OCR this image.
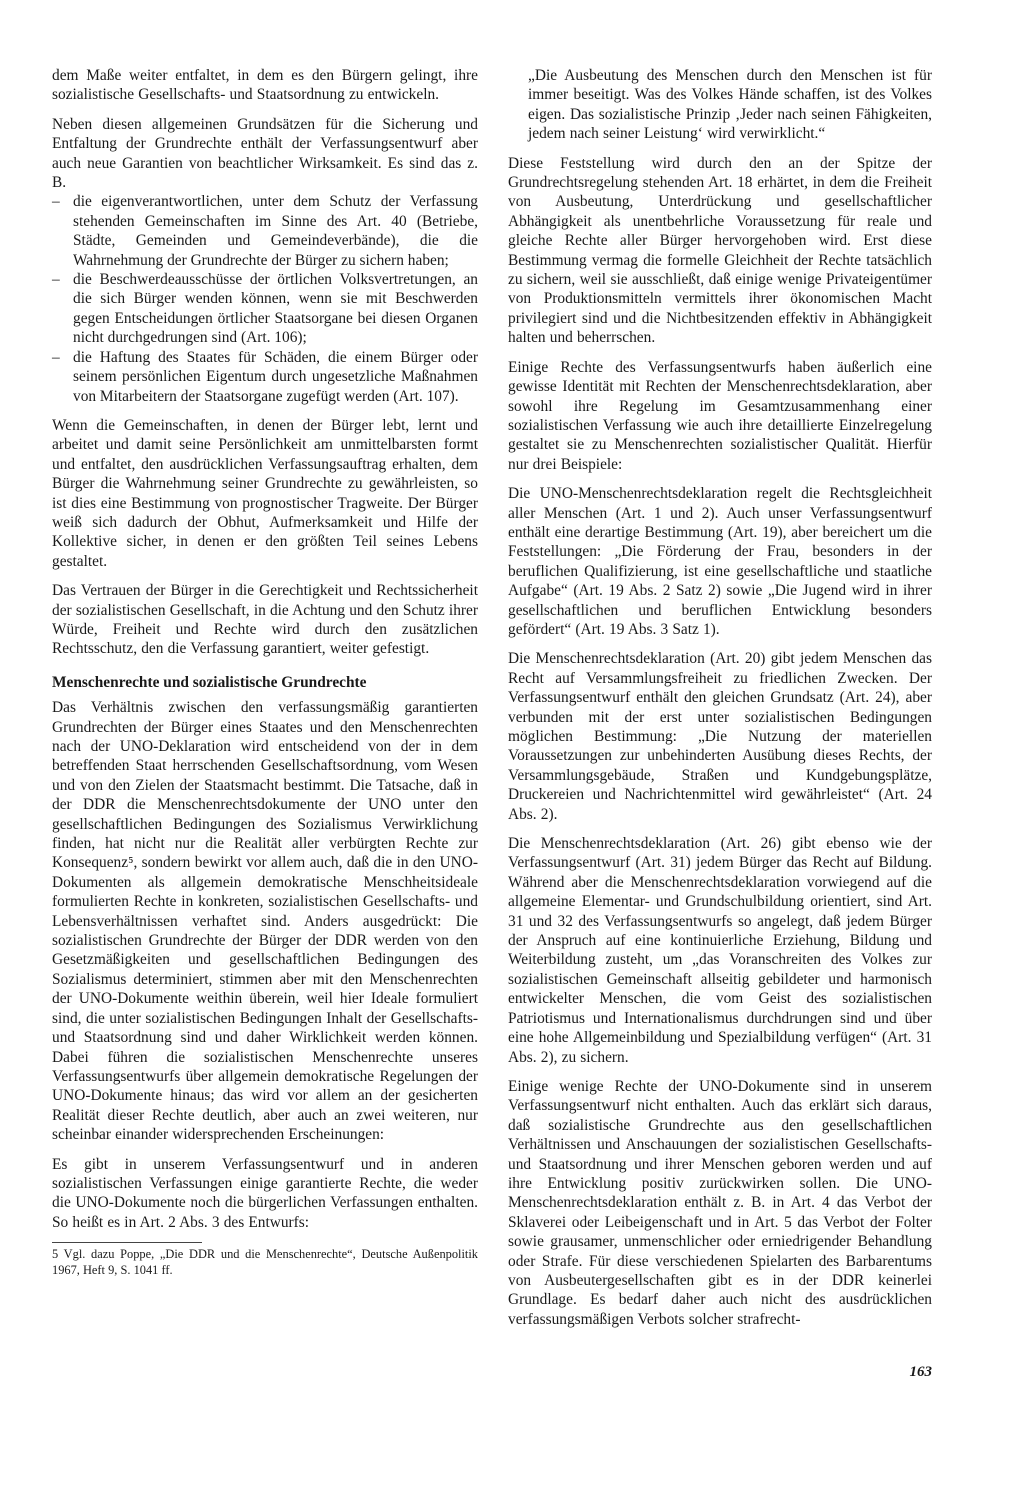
dem Maße weiter entfaltet, in dem es den Bürgern gelingt, ihre sozialistische Gesellschafts- und Staatsordnung zu entwickeln.

Neben diesen allgemeinen Grundsätzen für die Sicherung und Entfaltung der Grundrechte enthält der Verfassungsentwurf aber auch neue Garantien von beachtlicher Wirksamkeit. Es sind das z. B.

– die eigenverantwortlichen, unter dem Schutz der Verfassung stehenden Gemeinschaften im Sinne des Art. 40 (Betriebe, Städte, Gemeinden und Gemeindeverbände), die die Wahrnehmung der Grundrechte der Bürger zu sichern haben;
– die Beschwerdeausschüsse der örtlichen Volksvertretungen, an die sich Bürger wenden können, wenn sie mit Beschwerden gegen Entscheidungen örtlicher Staatsorgane bei diesen Organen nicht durchgedrungen sind (Art. 106);
– die Haftung des Staates für Schäden, die einem Bürger oder seinem persönlichen Eigentum durch ungesetzliche Maßnahmen von Mitarbeitern der Staatsorgane zugefügt werden (Art. 107).

Wenn die Gemeinschaften, in denen der Bürger lebt, lernt und arbeitet und damit seine Persönlichkeit am unmittelbarsten formt und entfaltet, den ausdrücklichen Verfassungsauftrag erhalten, dem Bürger die Wahrnehmung seiner Grundrechte zu gewährleisten, so ist dies eine Bestimmung von prognostischer Tragweite. Der Bürger weiß sich dadurch der Obhut, Aufmerksamkeit und Hilfe der Kollektive sicher, in denen er den größten Teil seines Lebens gestaltet.

Das Vertrauen der Bürger in die Gerechtigkeit und Rechtssicherheit der sozialistischen Gesellschaft, in die Achtung und den Schutz ihrer Würde, Freiheit und Rechte wird durch den zusätzlichen Rechtsschutz, den die Verfassung garantiert, weiter gefestigt.

Menschenrechte und sozialistische Grundrechte

Das Verhältnis zwischen den verfassungsmäßig garantierten Grundrechten der Bürger eines Staates und den Menschenrechten nach der UNO-Deklaration wird entscheidend von der in dem betreffenden Staat herrschenden Gesellschaftsordnung, vom Wesen und von den Zielen der Staatsmacht bestimmt. Die Tatsache, daß in der DDR die Menschenrechtsdokumente der UNO unter den gesellschaftlichen Bedingungen des Sozialismus Verwirklichung finden, hat nicht nur die Realität aller verbürgten Rechte zur Konsequenz⁵, sondern bewirkt vor allem auch, daß die in den UNO-Dokumenten als allgemein demokratische Menschheitsideale formulierten Rechte in konkreten, sozialistischen Gesellschafts- und Lebensverhältnissen verhaftet sind. Anders ausgedrückt: Die sozialistischen Grundrechte der Bürger der DDR werden von den Gesetzmäßigkeiten und gesellschaftlichen Bedingungen des Sozialismus determiniert, stimmen aber mit den Menschenrechten der UNO-Dokumente weithin überein, weil hier Ideale formuliert sind, die unter sozialistischen Bedingungen Inhalt der Gesellschafts- und Staatsordnung sind und daher Wirklichkeit werden können. Dabei führen die sozialistischen Menschenrechte unseres Verfassungsentwurfs über allgemein demokratische Regelungen der UNO-Dokumente hinaus; das wird vor allem an der gesicherten Realität dieser Rechte deutlich, aber auch an zwei weiteren, nur scheinbar einander widersprechenden Erscheinungen:

Es gibt in unserem Verfassungsentwurf und in anderen sozialistischen Verfassungen einige garantierte Rechte, die weder die UNO-Dokumente noch die bürgerlichen Verfassungen enthalten. So heißt es in Art. 2 Abs. 3 des Entwurfs:

5 Vgl. dazu Poppe, „Die DDR und die Menschenrechte“, Deutsche Außenpolitik 1967, Heft 9, S. 1041 ff.

„Die Ausbeutung des Menschen durch den Menschen ist für immer beseitigt. Was des Volkes Hände schaffen, ist des Volkes eigen. Das sozialistische Prinzip ‚Jeder nach seinen Fähigkeiten, jedem nach seiner Leistung‘ wird verwirklicht.“

Diese Feststellung wird durch den an der Spitze der Grundrechtsregelung stehenden Art. 18 erhärtet, in dem die Freiheit von Ausbeutung, Unterdrückung und gesellschaftlicher Abhängigkeit als unentbehrliche Voraussetzung für reale und gleiche Rechte aller Bürger hervorgehoben wird. Erst diese Bestimmung vermag die formelle Gleichheit der Rechte tatsächlich zu sichern, weil sie ausschließt, daß einige wenige Privateigentümer von Produktionsmitteln vermittels ihrer ökonomischen Macht privilegiert sind und die Nichtbesitzenden effektiv in Abhängigkeit halten und beherrschen.

Einige Rechte des Verfassungsentwurfs haben äußerlich eine gewisse Identität mit Rechten der Menschenrechtsdeklaration, aber sowohl ihre Regelung im Gesamtzusammenhang einer sozialistischen Verfassung wie auch ihre detaillierte Einzelregelung gestaltet sie zu Menschenrechten sozialistischer Qualität. Hierfür nur drei Beispiele:

Die UNO-Menschenrechtsdeklaration regelt die Rechtsgleichheit aller Menschen (Art. 1 und 2). Auch unser Verfassungsentwurf enthält eine derartige Bestimmung (Art. 19), aber bereichert um die Feststellungen: „Die Förderung der Frau, besonders in der beruflichen Qualifizierung, ist eine gesellschaftliche und staatliche Aufgabe“ (Art. 19 Abs. 2 Satz 2) sowie „Die Jugend wird in ihrer gesellschaftlichen und beruflichen Entwicklung besonders gefördert“ (Art. 19 Abs. 3 Satz 1).

Die Menschenrechtsdeklaration (Art. 20) gibt jedem Menschen das Recht auf Versammlungsfreiheit zu friedlichen Zwecken. Der Verfassungsentwurf enthält den gleichen Grundsatz (Art. 24), aber verbunden mit der erst unter sozialistischen Bedingungen möglichen Bestimmung: „Die Nutzung der materiellen Voraussetzungen zur unbehinderten Ausübung dieses Rechts, der Versammlungsgebäude, Straßen und Kundgebungsplätze, Druckereien und Nachrichtenmittel wird gewährleistet“ (Art. 24 Abs. 2).

Die Menschenrechtsdeklaration (Art. 26) gibt ebenso wie der Verfassungsentwurf (Art. 31) jedem Bürger das Recht auf Bildung. Während aber die Menschenrechtsdeklaration vorwiegend auf die allgemeine Elementar- und Grundschulbildung orientiert, sind Art. 31 und 32 des Verfassungsentwurfs so angelegt, daß jedem Bürger der Anspruch auf eine kontinuierliche Erziehung, Bildung und Weiterbildung zusteht, um „das Voranschreiten des Volkes zur sozialistischen Gemeinschaft allseitig gebildeter und harmonisch entwickelter Menschen, die vom Geist des sozialistischen Patriotismus und Internationalismus durchdrungen sind und über eine hohe Allgemeinbildung und Spezialbildung verfügen“ (Art. 31 Abs. 2), zu sichern.

Einige wenige Rechte der UNO-Dokumente sind in unserem Verfassungsentwurf nicht enthalten. Auch das erklärt sich daraus, daß sozialistische Grundrechte aus den gesellschaftlichen Verhältnissen und Anschauungen der sozialistischen Gesellschafts- und Staatsordnung und ihrer Menschen geboren werden und auf ihre Entwicklung positiv zurückwirken sollen. Die UNO-Menschenrechtsdeklaration enthält z. B. in Art. 4 das Verbot der Sklaverei oder Leibeigenschaft und in Art. 5 das Verbot der Folter sowie grausamer, unmenschlicher oder erniedrigender Behandlung oder Strafe. Für diese verschiedenen Spielarten des Barbarentums von Ausbeutergesellschaften gibt es in der DDR keinerlei Grundlage. Es bedarf daher auch nicht des ausdrücklichen verfassungsmäßigen Verbots solcher strafrecht-

163
